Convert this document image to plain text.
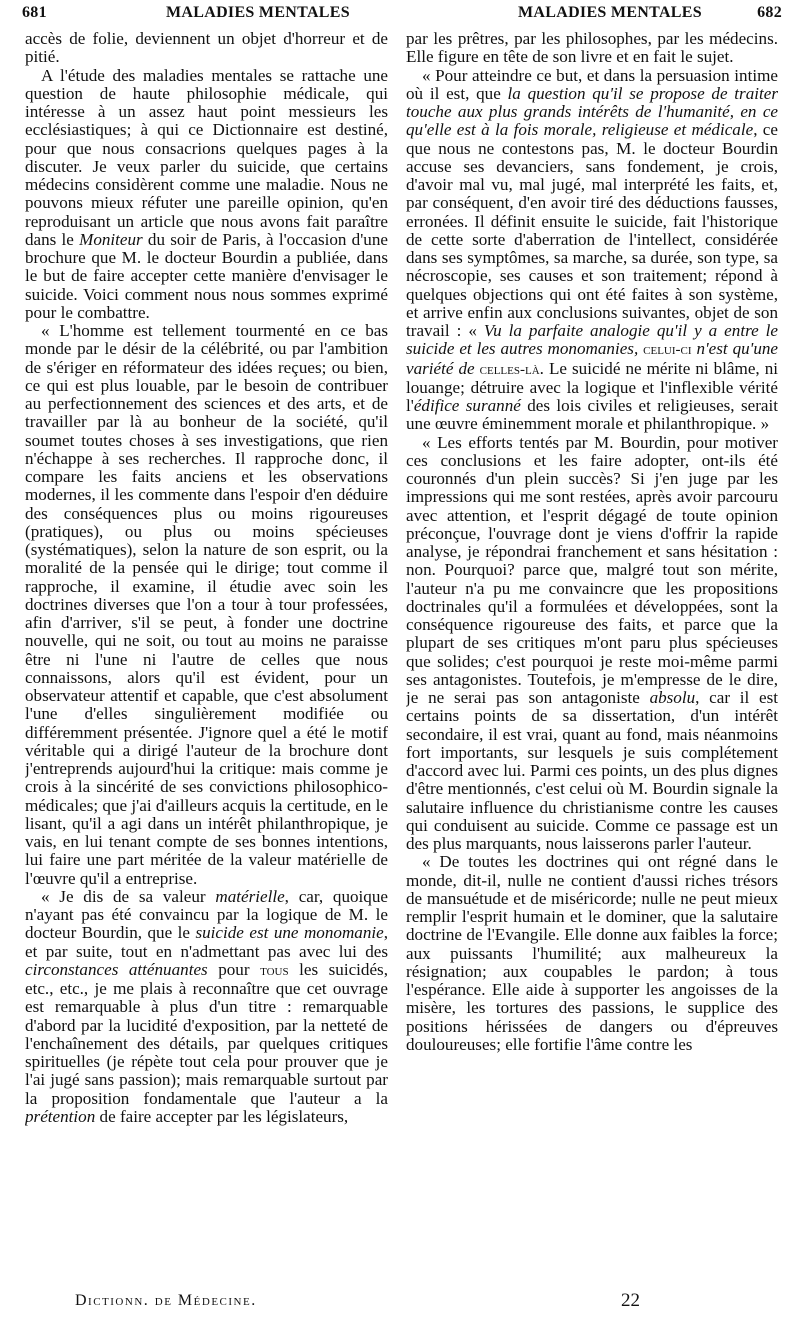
681	MALADIES MENTALES	MALADIES MENTALES	682

accès de folie, deviennent un objet d'horreur et de pitié.

A l'étude des maladies mentales se rattache une question de haute philosophie médicale, qui intéresse à un assez haut point messieurs les ecclésiastiques; à qui ce Dictionnaire est destiné, pour que nous consacrions quelques pages à la discuter. Je veux parler du suicide, que certains médecins considèrent comme une maladie. Nous ne pouvons mieux réfuter une pareille opinion, qu'en reproduisant un article que nous avons fait paraître dans le Moniteur du soir de Paris, à l'occasion d'une brochure que M. le docteur Bourdin a publiée, dans le but de faire accepter cette manière d'envisager le suicide. Voici comment nous nous sommes exprimé pour le combattre.

« L'homme est tellement tourmenté en ce bas monde par le désir de la célébrité, ou par l'ambition de s'ériger en réformateur des idées reçues; ou bien, ce qui est plus louable, par le besoin de contribuer au perfectionnement des sciences et des arts, et de travailler par là au bonheur de la société, qu'il soumet toutes choses à ses investigations, que rien n'échappe à ses recherches. Il rapproche donc, il compare les faits anciens et les observations modernes, il les commente dans l'espoir d'en déduire des conséquences plus ou moins rigoureuses (pratiques), ou plus ou moins spécieuses (systématiques), selon la nature de son esprit, ou la moralité de la pensée qui le dirige; tout comme il rapproche, il examine, il étudie avec soin les doctrines diverses que l'on a tour à tour professées, afin d'arriver, s'il se peut, à fonder une doctrine nouvelle, qui ne soit, ou tout au moins ne paraisse être ni l'une ni l'autre de celles que nous connaissons, alors qu'il est évident, pour un observateur attentif et capable, que c'est absolument l'une d'elles singulièrement modifiée ou différemment présentée. J'ignore quel a été le motif véritable qui a dirigé l'auteur de la brochure dont j'entreprends aujourd'hui la critique: mais comme je crois à la sincérité de ses convictions philosophico-médicales; que j'ai d'ailleurs acquis la certitude, en le lisant, qu'il a agi dans un intérêt philanthropique, je vais, en lui tenant compte de ses bonnes intentions, lui faire une part méritée de la valeur matérielle de l'œuvre qu'il a entreprise.

« Je dis de sa valeur matérielle, car, quoique n'ayant pas été convaincu par la logique de M. le docteur Bourdin, que le suicide est une monomanie, et par suite, tout en n'admettant pas avec lui des circonstances atténuantes pour tous les suicidés, etc., etc., je me plais à reconnaître que cet ouvrage est remarquable à plus d'un titre : remarquable d'abord par la lucidité d'exposition, par la netteté de l'enchaînement des détails, par quelques critiques spirituelles (je répète tout cela pour prouver que je l'ai jugé sans passion); mais remarquable surtout par la proposition fondamentale que l'auteur a la prétention de faire accepter par les législateurs,

par les prêtres, par les philosophes, par les médecins. Elle figure en tête de son livre et en fait le sujet.

« Pour atteindre ce but, et dans la persuasion intime où il est, que la question qu'il se propose de traiter touche aux plus grands intérêts de l'humanité, en ce qu'elle est à la fois morale, religieuse et médicale, ce que nous ne contestons pas, M. le docteur Bourdin accuse ses devanciers, sans fondement, je crois, d'avoir mal vu, mal jugé, mal interprété les faits, et, par conséquent, d'en avoir tiré des déductions fausses, erronées. Il définit ensuite le suicide, fait l'historique de cette sorte d'aberration de l'intellect, considérée dans ses symptômes, sa marche, sa durée, son type, sa nécroscopie, ses causes et son traitement; répond à quelques objections qui ont été faites à son système, et arrive enfin aux conclusions suivantes, objet de son travail : « Vu la parfaite analogie qu'il y a entre le suicide et les autres monomanies, celui-ci n'est qu'une variété de celles-là. Le suicidé ne mérite ni blâme, ni louange; détruire avec la logique et l'inflexible vérité l'édifice suranné des lois civiles et religieuses, serait une œuvre éminemment morale et philanthropique. »

« Les efforts tentés par M. Bourdin, pour motiver ces conclusions et les faire adopter, ont-ils été couronnés d'un plein succès? Si j'en juge par les impressions qui me sont restées, après avoir parcouru avec attention, et l'esprit dégagé de toute opinion préconçue, l'ouvrage dont je viens d'offrir la rapide analyse, je répondrai franchement et sans hésitation : non. Pourquoi? parce que, malgré tout son mérite, l'auteur n'a pu me convaincre que les propositions doctrinales qu'il a formulées et développées, sont la conséquence rigoureuse des faits, et parce que la plupart de ses critiques m'ont paru plus spécieuses que solides; c'est pourquoi je reste moi-même parmi ses antagonistes. Toutefois, je m'empresse de le dire, je ne serai pas son antagoniste absolu, car il est certains points de sa dissertation, d'un intérêt secondaire, il est vrai, quant au fond, mais néanmoins fort importants, sur lesquels je suis complétement d'accord avec lui. Parmi ces points, un des plus dignes d'être mentionnés, c'est celui où M. Bourdin signale la salutaire influence du christianisme contre les causes qui conduisent au suicide. Comme ce passage est un des plus marquants, nous laisserons parler l'auteur.

« De toutes les doctrines qui ont régné dans le monde, dit-il, nulle ne contient d'aussi riches trésors de mansuétude et de miséricorde; nulle ne peut mieux remplir l'esprit humain et le dominer, que la salutaire doctrine de l'Evangile. Elle donne aux faibles la force; aux puissants l'humilité; aux malheureux la résignation; aux coupables le pardon; à tous l'espérance. Elle aide à supporter les angoisses de la misère, les tortures des passions, le supplice des positions hérissées de dangers ou d'épreuves douloureuses; elle fortifie l'âme contre les

Dictionn. de Médecine.	22
